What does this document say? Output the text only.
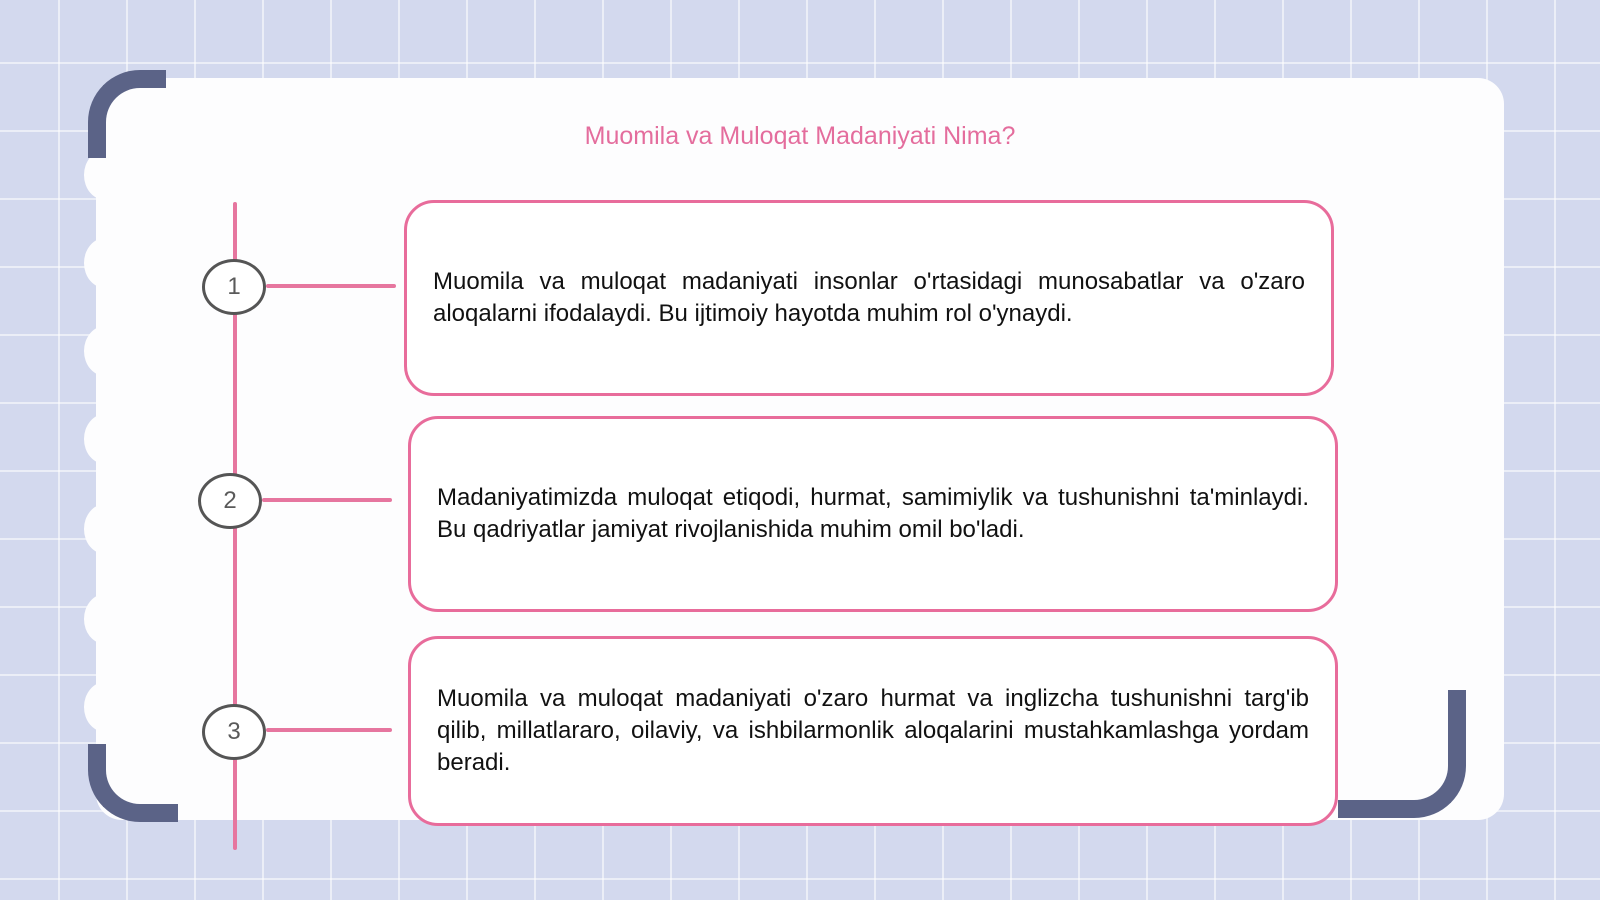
Muomila va Muloqat Madaniyati Nima?
1	Muomila va muloqat madaniyati insonlar o'rtasidagi munosabatlar va o'zaro aloqalarni ifodalaydi. Bu ijtimoiy hayotda muhim rol o'ynaydi.

2	Madaniyatimizda muloqat etiqodi, hurmat, samimiylik va tushunishni ta'minlaydi. Bu qadriyatlar jamiyat rivojlanishida muhim omil bo'ladi.

3

Muomila va muloqat madaniyati o'zaro hurmat va inglizcha tushunishni targ'ib qilib, millatlararo, oilaviy, va ishbilarmonlik aloqalarini mustahkamlashga yordam beradi.
